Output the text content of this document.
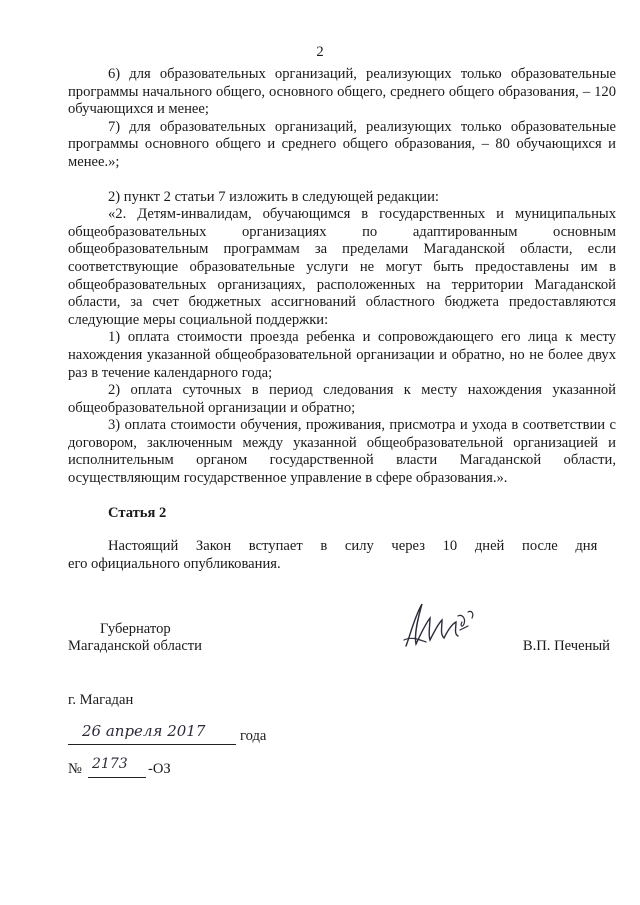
2

6) для образовательных организаций, реализующих только образовательные программы начального общего, основного общего, среднего общего образования, – 120 обучающихся и менее;

7) для образовательных организаций, реализующих только образовательные программы основного общего и среднего общего образования, – 80 обучающихся и менее.»;

2) пункт 2 статьи 7 изложить в следующей редакции:

«2. Детям-инвалидам, обучающимся в государственных и муниципальных общеобразовательных организациях по адаптированным основным общеобразовательным программам за пределами Магаданской области, если соответствующие образовательные услуги не могут быть предоставлены им в общеобразовательных организациях, расположенных на территории Магаданской области, за счет бюджетных ассигнований областного бюджета предоставляются следующие меры социальной поддержки:

1) оплата стоимости проезда ребенка и сопровождающего его лица к месту нахождения указанной общеобразовательной организации и обратно, но не более двух раз в течение календарного года;

2) оплата суточных в период следования к месту нахождения указанной общеобразовательной организации и обратно;

3) оплата стоимости обучения, проживания, присмотра и ухода в соответствии с договором, заключенным между указанной общеобразовательной организацией и исполнительным органом государственной власти Магаданской области, осуществляющим государственное управление в сфере образования.».

Статья 2

Настоящий Закон вступает в силу через 10 дней после дня
его официального опубликования.
Губернатор
Магаданской области	В.П. Печеный
г. Магадан
26 апреля 2017 года
№ 2173 -ОЗ
